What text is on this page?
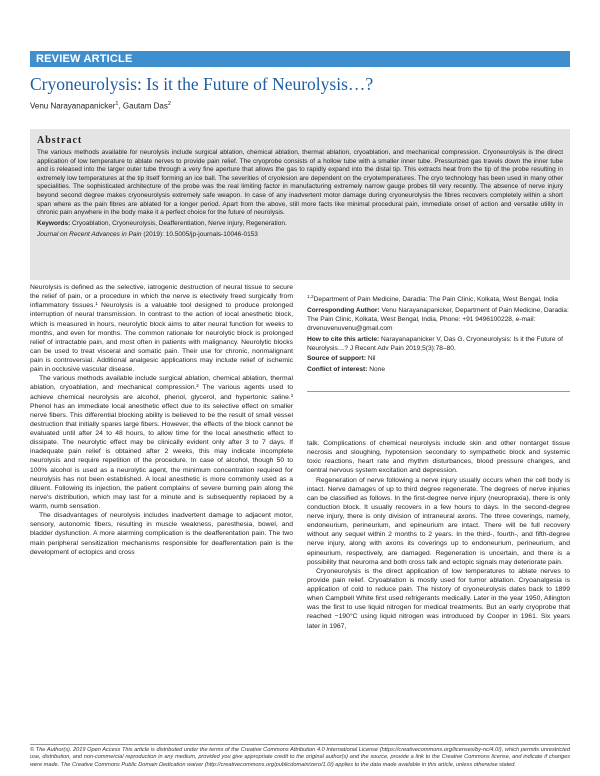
REVIEW ARTICLE
Cryoneurolysis: Is it the Future of Neurolysis…?
Venu Narayanapanicker$^1$, Gautam Das$^2$
Abstract

The various methods available for neurolysis include surgical ablation, chemical ablation, thermal ablation, cryoablation, and mechanical compression. Cryoneurolysis is the direct application of low temperature to ablate nerves to provide pain relief. The cryoprobe consists of a hollow tube with a smaller inner tube. Pressurized gas travels down the inner tube and is released into the larger outer tube through a very fine aperture that allows the gas to rapidly expand into the distal tip. This extracts heat from the tip of the probe resulting in extremely low temperatures at the tip itself forming an ice ball. The severities of cryolesion are dependent on the cryotemperatures. The cryo technology has been used in many other specialities. The sophisticated architecture of the probe was the real limiting factor in manufacturing extremely narrow gauge probes till very recently. The absence of nerve injury beyond second degree makes cryoneurolysis extremely safe weapon. In case of any inadvertent motor damage during cryoneurolysis the fibres recovers completely within a short span where as the pain fibres are ablated for a longer period. Apart from the above, still more facts like minimal procedural pain, immediate onset of action and versatile utility in chronic pain anywhere in the body make it a perfect choice for the future of neurolysis.

Keywords: Cryoablation, Cryoneurolysis, Deafferentiation, Nerve injury, Regeneration.
Journal on Recent Advances in Pain (2019): 10.5005/jp-journals-10046-0153

Neurolysis is defined as the selective, iatrogenic destruction of neural tissue to secure the relief of pain, or a procedure in which the nerve is electively freed surgically from inflammatory tissues.¹ Neurolysis is a valuable tool designed to produce prolonged interruption of neural transmission. In contrast to the action of local anesthetic block, which is measured in hours, neurolytic block aims to alter neural function for weeks to months, and even for months. The common rationale for neurolytic block is prolonged relief of intractable pain, and most often in patients with malignancy. Neurolytic blocks can be used to treat visceral and somatic pain. Their use for chronic, nonmalignant pain is controversial. Additional analgesic applications may include relief of ischemic pain in occlusive vascular disease.

The various methods available include surgical ablation, chemical ablation, thermal ablation, cryoablation, and mechanical compression.² The various agents used to achieve chemical neurolysis are alcohol, phenol, glycerol, and hypertonic saline.³ Phenol has an immediate local anesthetic effect due to its selective effect on smaller nerve fibers. This differential blocking ability is believed to be the result of small vessel destruction that initially spares large fibers. However, the effects of the block cannot be evaluated until after 24 to 48 hours, to allow time for the local anesthetic effect to dissipate. The neurolytic effect may be clinically evident only after 3 to 7 days. If inadequate pain relief is obtained after 2 weeks, this may indicate incomplete neurolysis and require repetition of the procedure. In case of alcohol, though 50 to 100% alcohol is used as a neurolytic agent, the minimum concentration required for neurolysis has not been established. A local anesthetic is more commonly used as a diluent. Following its injection, the patient complains of severe burning pain along the nerve's distribution, which may last for a minute and is subsequently replaced by a warm, numb sensation.

The disadvantages of neurolysis includes inadvertent damage to adjacent motor, sensory, autonomic fibers, resulting in muscle weakness, paresthesia, bowel, and bladder dysfunction. A more alarming complication is the deafferentation pain. The two main peripheral sensitization mechanisms responsible for deafferentation pain is the development of ectopics and cross

$^{1,2}$Department of Pain Medicine, Daradia: The Pain Clinic, Kolkata, West Bengal, India

Corresponding Author: Venu Narayanapanicker, Department of Pain Medicine, Daradia: The Pain Clinic, Kolkata, West Bengal, India, Phone: +91 9496100228, e-mail: drvenuvenuvenu@gmail.com

How to cite this article: Narayanapanicker V, Das G. Cryoneurolysis: Is it the Future of Neurolysis…? J Recent Adv Pain 2019;5(3):78–80.

Source of support: Nil

Conflict of interest: None

talk. Complications of chemical neurolysis include skin and other nontarget tissue necrosis and sloughing, hypotension secondary to sympathetic block and systemic toxic reactions, heart rate and rhythm disturbances, blood pressure changes, and central nervous system excitation and depression.

Regeneration of nerve following a nerve injury usually occurs when the cell body is intact. Nerve damages of up to third degree regenerate. The degrees of nerve injuries can be classified as follows. In the first-degree nerve injury (neuropraxia), there is only conduction block. It usually recovers in a few hours to days. In the second-degree nerve injury, there is only division of intraneural axons. The three coverings, namely, endoneurium, perineurium, and epineurium are intact. There will be full recovery without any sequel within 2 months to 2 years. In the third-, fourth-, and fifth-degree nerve injury, along with axons its coverings up to endoneurium, perineurium, and epineurium, respectively, are damaged. Regeneration is uncertain, and there is a possibility that neuroma and both cross talk and ectopic signals may deteriorate pain.

Cryoneurolysis is the direct application of low temperatures to ablate nerves to provide pain relief. Cryoablation is mostly used for tumor ablation. Cryoanalgesia is application of cold to reduce pain. The history of cryoneurolysis dates back to 1899 when Campbell White first used refrigerants medically. Later in the year 1950, Allington was the first to use liquid nitrogen for medical treatments. But an early cryoprobe that reached −190°C using liquid nitrogen was introduced by Cooper in 1961. Six years later in 1967,

© The Author(s). 2019 Open Access This article is distributed under the terms of the Creative Commons Attribution 4.0 International License (https://creativecommons.org/licenses/by-nc/4.0/), which permits unrestricted use, distribution, and non-commercial reproduction in any medium, provided you give appropriate credit to the original author(s) and the source, provide a link to the Creative Commons license, and indicate if changes were made. The Creative Commons Public Domain Dedication waiver (http://creativecommons.org/publicdomain/zero/1.0/) applies to the data made available in this article, unless otherwise stated.
